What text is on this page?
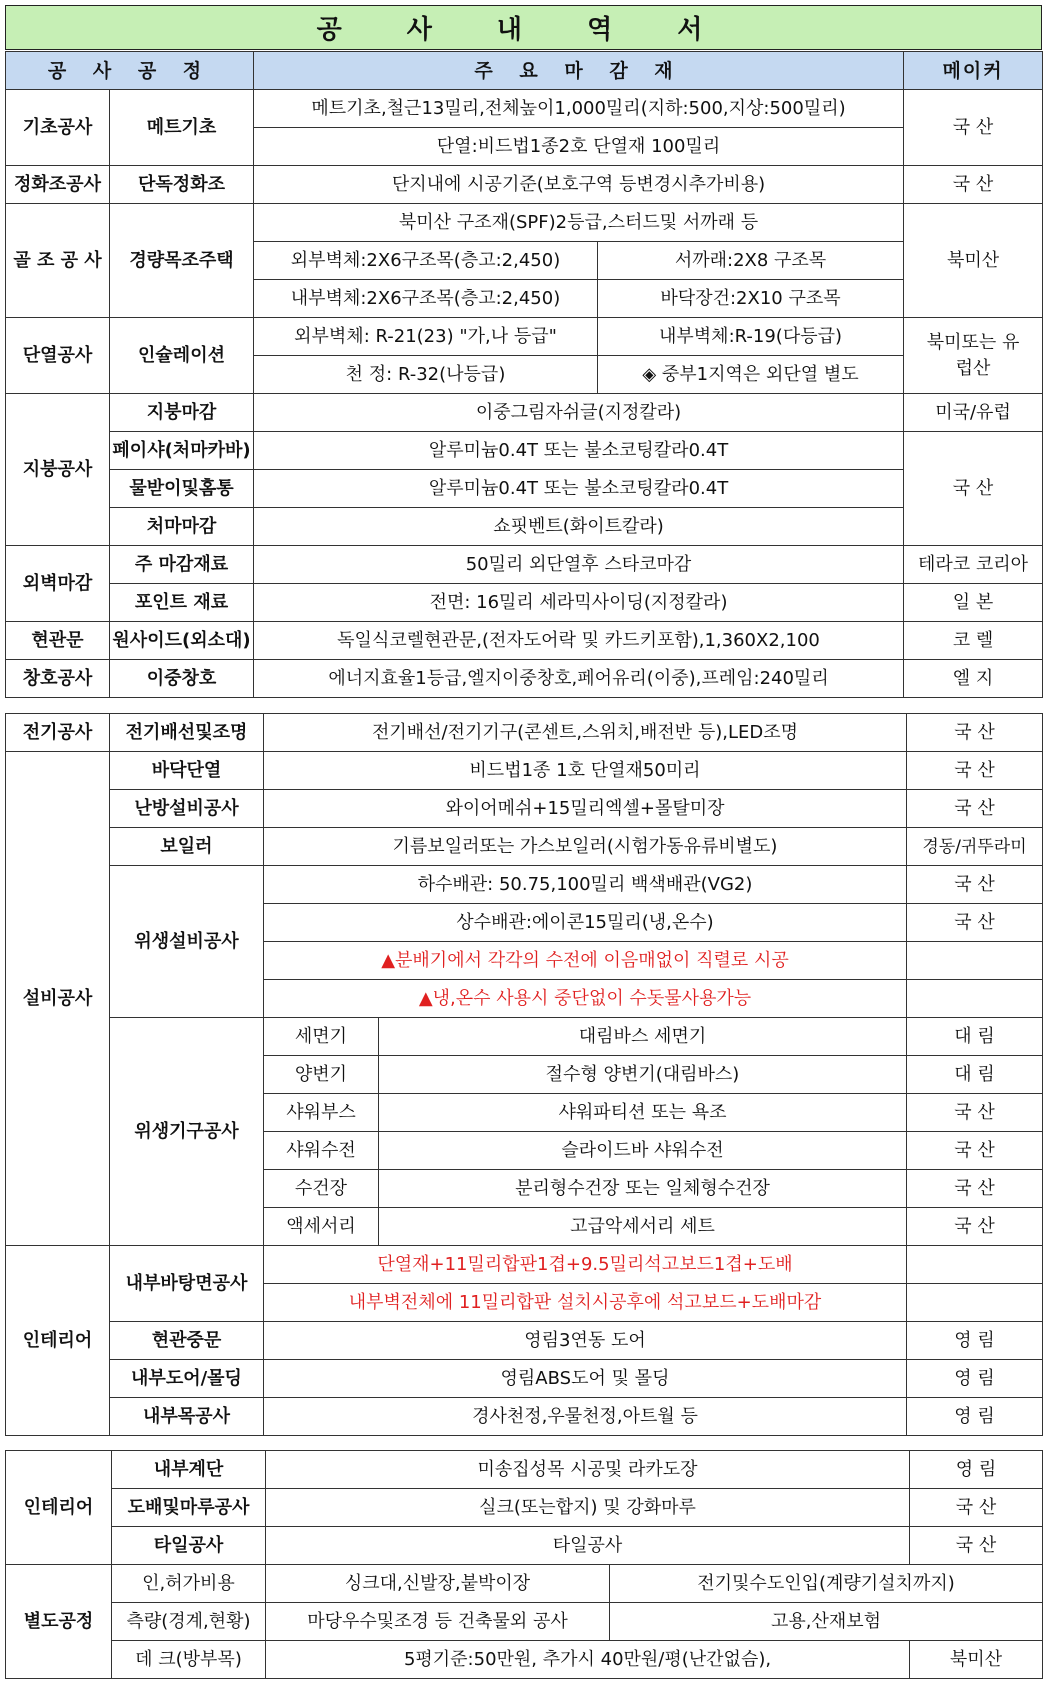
공 사 내 역 서
공 사 공 정		주 요 마 감 재		메이커
기초공사	메트기초	메트기초,철근13밀리,전체높이1,000밀리(지하:500,지상:500밀리)		국 산
		단열:비드법1종2호 단열재 100밀리		
정화조공사	단독정화조	단지내에 시공기준(보호구역 등변경시추가비용)		국 산
골 조 공 사	경량목조주택	북미산 구조재(SPF)2등급,스터드및 서까래 등		북미산
		외부벽체:2X6구조목(층고:2,450)	서까래:2X8 구조목	
		내부벽체:2X6구조목(층고:2,450)	바닥장건:2X10 구조목	
단열공사	인슐레이션	외부벽체: R-21(23) "가,나 등급"	내부벽체:R-19(다등급)	북미또는 유럽산
		천 정: R-32(나등급)	◈ 중부1지역은 외단열 별도	
지붕공사	지붕마감	이중그림자쉬글(지정칼라)		미국/유럽
	페이샤(처마카바)	알루미늄0.4T 또는 불소코팅칼라0.4T		국 산
	물받이및홈통	알루미늄0.4T 또는 불소코팅칼라0.4T		
	처마마감	쇼핏벤트(화이트칼라)		
외벽마감	주 마감재료	50밀리 외단열후 스타코마감		테라코 코리아
	포인트 재료	전면: 16밀리 세라믹사이딩(지정칼라)		일 본
현관문	원사이드(외소대)	독일식코렐현관문,(전자도어락 및 카드키포함),1,360X2,100		코 렐
창호공사	이중창호	에너지효율1등급,엘지이중창호,페어유리(이중),프레임:240밀리		엘 지
전기공사	전기배선및조명	전기배선/전기기구(콘센트,스위치,배전반 등),LED조명		국 산
설비공사	바닥단열	비드법1종 1호 단열재50미리		국 산
	난방설비공사	와이어메쉬+15밀리엑셀+몰탈미장		국 산
	보일러	기름보일러또는 가스보일러(시험가동유류비별도)		경동/귀뚜라미
	위생설비공사	하수배관: 50.75,100밀리 백색배관(VG2)		국 산
		상수배관:에이콘15밀리(냉,온수)		국 산
		▲분배기에서 각각의 수전에 이음매없이 직렬로 시공		
		▲냉,온수 사용시 중단없이 수돗물사용가능		
	위생기구공사	세면기	대림바스 세면기	대 림
		양변기	절수형 양변기(대림바스)	대 림
		샤워부스	샤워파티션 또는 욕조	국 산
		샤워수전	슬라이드바 샤워수전	국 산
		수건장	분리형수건장 또는 일체형수건장	국 산
		액세서리	고급악세서리 세트	국 산
인테리어	내부바탕면공사	단열재+11밀리합판1겹+9.5밀리석고보드1겹+도배		
		내부벽전체에 11밀리합판 설치시공후에 석고보드+도배마감		
	현관중문	영림3연동 도어		영 림
	내부도어/몰딩	영림ABS도어 및 몰딩		영 림
	내부목공사	경사천정,우물천정,아트월 등		영 림
인테리어	내부계단	미송집성목 시공및 라카도장		영 림
	도배및마루공사	실크(또는합지) 및 강화마루		국 산
	타일공사	타일공사		국 산
별도공정	인,허가비용	싱크대,신발장,붙박이장	전기및수도인입(계량기설치까지)	
	측량(경계,현황)	마당우수및조경 등 건축물외 공사	고용,산재보험	
	데 크(방부목)	5평기준:50만원, 추가시 40만원/평(난간없슴),		북미산
